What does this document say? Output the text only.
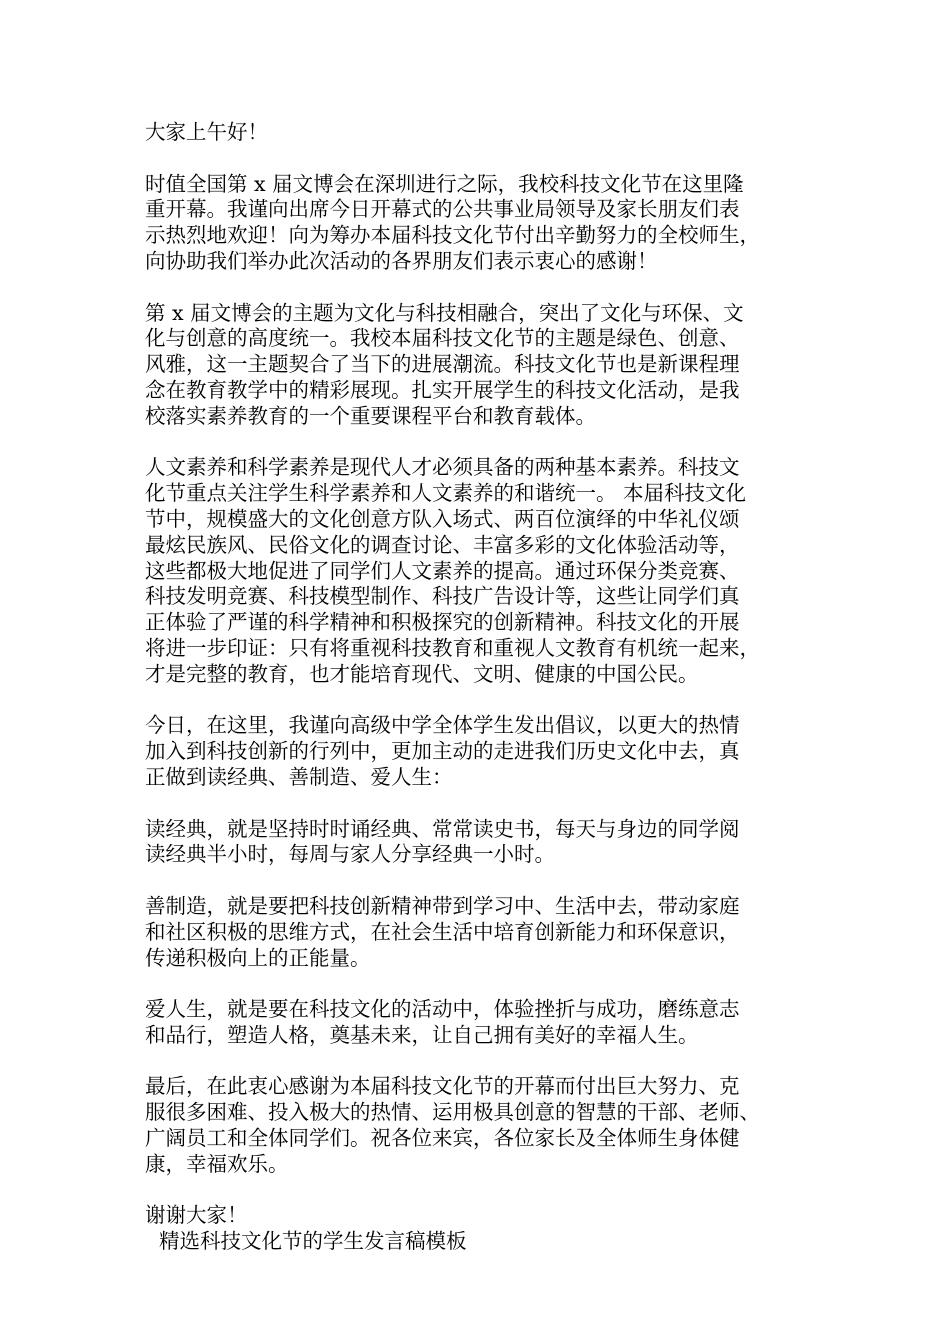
大家上午好！

时值全国第 x 届文博会在深圳进行之际，我校科技文化节在这里隆
重开幕。我谨向出席今日开幕式的公共事业局领导及家长朋友们表
示热烈地欢迎！向为筹办本届科技文化节付出辛勤努力的全校师生，
向协助我们举办此次活动的各界朋友们表示衷心的感谢！

第 x 届文博会的主题为文化与科技相融合，突出了文化与环保、文
化与创意的高度统一。我校本届科技文化节的主题是绿色、创意、
风雅，这一主题契合了当下的进展潮流。科技文化节也是新课程理
念在教育教学中的精彩展现。扎实开展学生的科技文化活动，是我
校落实素养教育的一个重要课程平台和教育载体。

人文素养和科学素养是现代人才必须具备的两种基本素养。科技文
化节重点关注学生科学素养和人文素养的和谐统一。 本届科技文化
节中，规模盛大的文化创意方队入场式、两百位演绎的中华礼仪颂
最炫民族风、民俗文化的调查讨论、丰富多彩的文化体验活动等，
这些都极大地促进了同学们人文素养的提高。通过环保分类竞赛、
科技发明竞赛、科技模型制作、科技广告设计等，这些让同学们真
正体验了严谨的科学精神和积极探究的创新精神。科技文化的开展
将进一步印证：只有将重视科技教育和重视人文教育有机统一起来，
才是完整的教育，也才能培育现代、文明、健康的中国公民。

今日，在这里，我谨向高级中学全体学生发出倡议，以更大的热情
加入到科技创新的行列中，更加主动的走进我们历史文化中去，真
正做到读经典、善制造、爱人生：

读经典，就是坚持时时诵经典、常常读史书，每天与身边的同学阅
读经典半小时，每周与家人分享经典一小时。

善制造，就是要把科技创新精神带到学习中、生活中去，带动家庭
和社区积极的思维方式，在社会生活中培育创新能力和环保意识，
传递积极向上的正能量。

爱人生，就是要在科技文化的活动中，体验挫折与成功，磨练意志
和品行，塑造人格，奠基未来，让自己拥有美好的幸福人生。

最后，在此衷心感谢为本届科技文化节的开幕而付出巨大努力、克
服很多困难、投入极大的热情、运用极具创意的智慧的干部、老师、
广阔员工和全体同学们。祝各位来宾，各位家长及全体师生身体健
康，幸福欢乐。

谢谢大家！

精选科技文化节的学生发言稿模板
